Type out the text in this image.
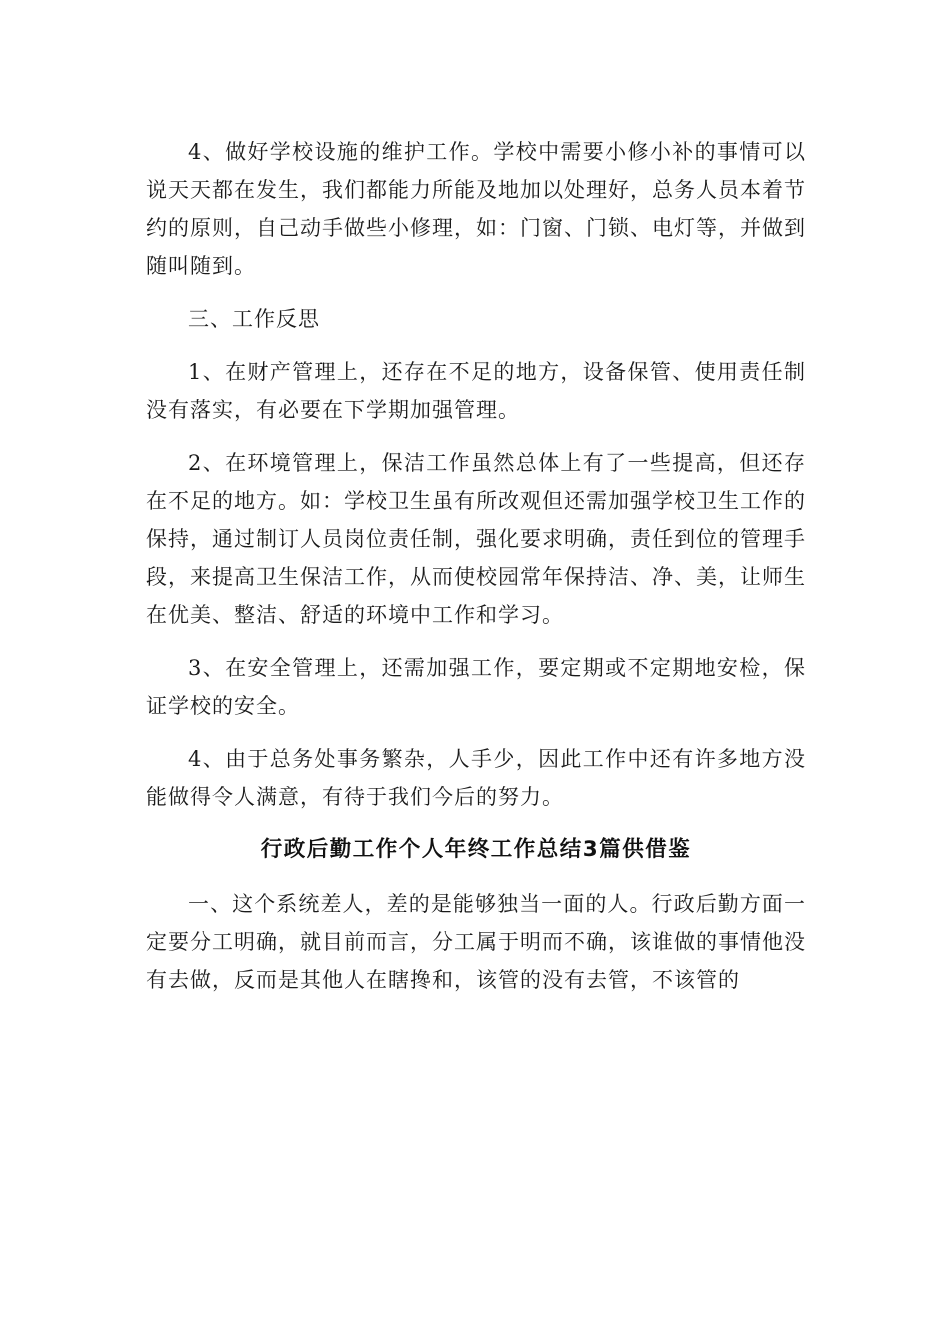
4、做好学校设施的维护工作。学校中需要小修小补的事情可以说天天都在发生，我们都能力所能及地加以处理好，总务人员本着节约的原则，自己动手做些小修理，如：门窗、门锁、电灯等，并做到随叫随到。

三、工作反思

1、在财产管理上，还存在不足的地方，设备保管、使用责任制没有落实，有必要在下学期加强管理。

2、在环境管理上，保洁工作虽然总体上有了一些提高，但还存在不足的地方。如：学校卫生虽有所改观但还需加强学校卫生工作的保持，通过制订人员岗位责任制，强化要求明确，责任到位的管理手段，来提高卫生保洁工作，从而使校园常年保持洁、净、美，让师生在优美、整洁、舒适的环境中工作和学习。

3、在安全管理上，还需加强工作，要定期或不定期地安检，保证学校的安全。

4、由于总务处事务繁杂，人手少，因此工作中还有许多地方没能做得令人满意，有待于我们今后的努力。

行政后勤工作个人年终工作总结3篇供借鉴

一、这个系统差人，差的是能够独当一面的人。行政后勤方面一定要分工明确，就目前而言，分工属于明而不确，该谁做的事情他没有去做，反而是其他人在瞎搀和，该管的没有去管，不该管的
